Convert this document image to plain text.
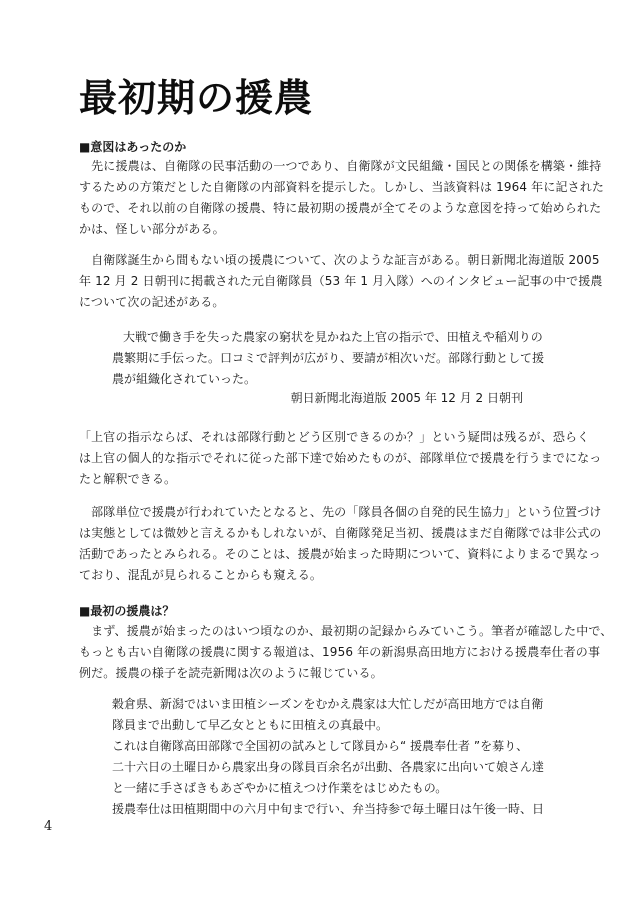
最初期の援農
■意図はあったのか

　先に援農は、自衛隊の民事活動の一つであり、自衛隊が文民組織・国民との関係を構築・維持
するための方策だとした自衛隊の内部資料を提示した。しかし、当該資料は 1964 年に記された
もので、それ以前の自衛隊の援農、特に最初期の援農が全てそのような意図を持って始められた
かは、怪しい部分がある。

　自衛隊誕生から間もない頃の援農について、次のような証言がある。朝日新聞北海道版 2005
年 12 月 2 日朝刊に掲載された元自衛隊員（53 年 1 月入隊）へのインタビュー記事の中で援農
について次の記述がある。

大戦で働き手を失った農家の窮状を見かねた上官の指示で、田植えや稲刈りの
農繁期に手伝った。口コミで評判が広がり、要請が相次いだ。部隊行動として援
農が組織化されていった。

朝日新聞北海道版 2005 年 12 月 2 日朝刊

「上官の指示ならば、それは部隊行動とどう区別できるのか？」という疑問は残るが、恐らく
は上官の個人的な指示でそれに従った部下達で始めたものが、部隊単位で援農を行うまでになっ
たと解釈できる。

　部隊単位で援農が行われていたとなると、先の「隊員各個の自発的民生協力」という位置づけ
は実態としては微妙と言えるかもしれないが、自衛隊発足当初、援農はまだ自衛隊では非公式の
活動であったとみられる。そのことは、援農が始まった時期について、資料によりまるで異なっ
ており、混乱が見られることからも窺える。

■最初の援農は？

　まず、援農が始まったのはいつ頃なのか、最初期の記録からみていこう。筆者が確認した中で、
もっとも古い自衛隊の援農に関する報道は、1956 年の新潟県高田地方における援農奉仕者の事
例だ。援農の様子を読売新聞は次のように報じている。

穀倉県、新潟ではいま田植シーズンをむかえ農家は大忙しだが高田地方では自衛
隊員まで出動して早乙女とともに田植えの真最中。
これは自衛隊高田部隊で全国初の試みとして隊員から“ 援農奉仕者 ”を募り、
二十六日の土曜日から農家出身の隊員百余名が出動、各農家に出向いて娘さん達
と一緒に手さばきもあざやかに植えつけ作業をはじめたもの。
援農奉仕は田植期間中の六月中旬まで行い、弁当持参で毎土曜日は午後一時、日

4
